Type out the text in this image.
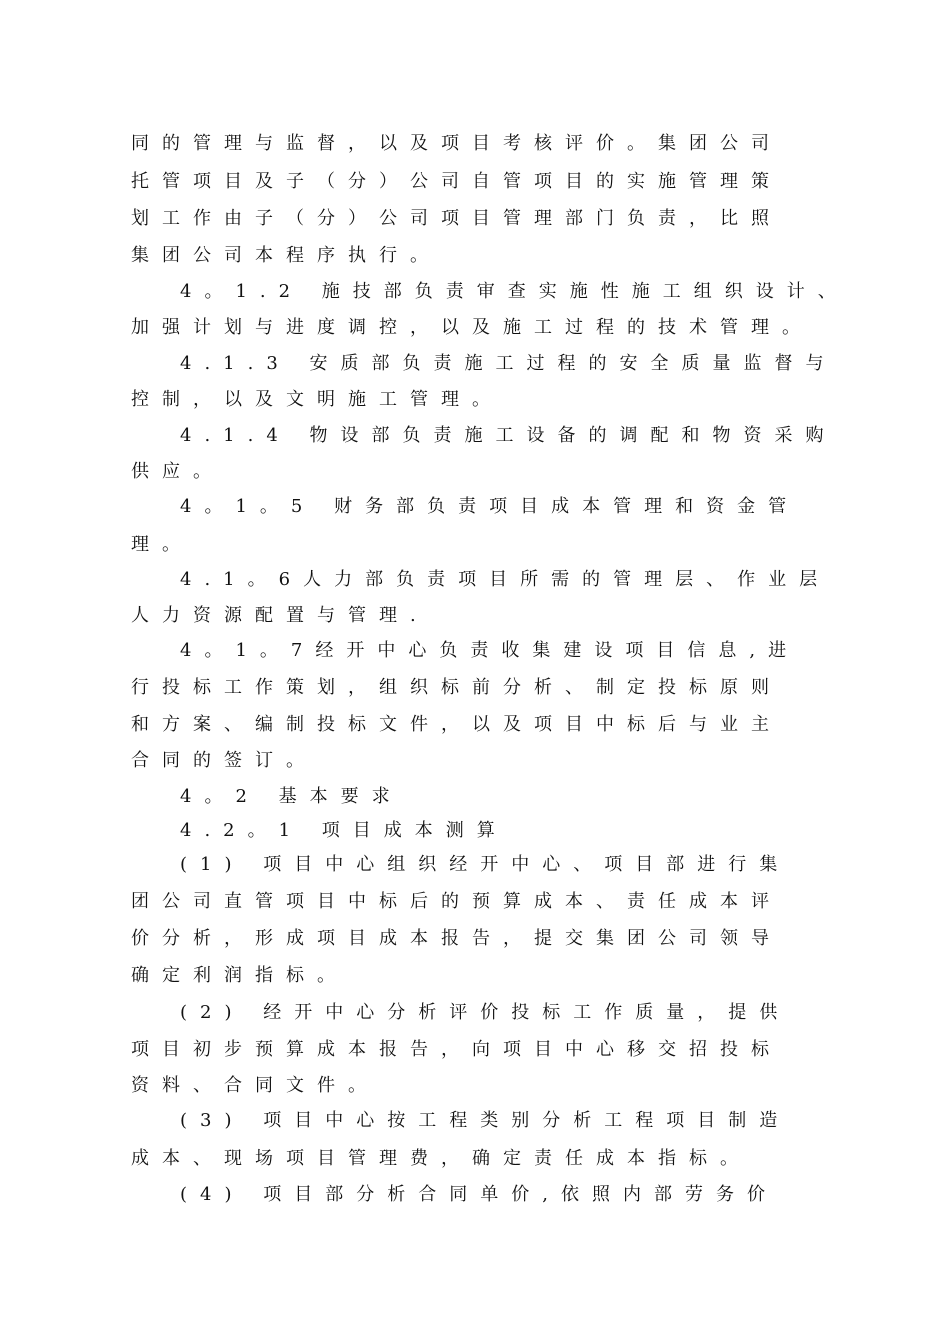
同的管理与监督，以及项目考核评价。集团公司
托管项目及子（分）公司自管项目的实施管理策
划工作由子（分）公司项目管理部门负责，比照
集团公司本程序执行。
4。1.2 施技部负责审查实施性施工组织设计、
加强计划与进度调控，以及施工过程的技术管理。
4.1.3 安质部负责施工过程的安全质量监督与
控制，以及文明施工管理。
4.1.4 物设部负责施工设备的调配和物资采购
供应。
4。1。5 财务部负责项目成本管理和资金管
理。
4.1。6人力部负责项目所需的管理层、作业层
人力资源配置与管理.
4。1。7经开中心负责收集建设项目信息,进
行投标工作策划，组织标前分析、制定投标原则
和方案、编制投标文件，以及项目中标后与业主
合同的签订。
4。2 基本要求
4.2。1 项目成本测算
(1) 项目中心组织经开中心、项目部进行集
团公司直管项目中标后的预算成本、责任成本评
价分析，形成项目成本报告，提交集团公司领导
确定利润指标。
(2) 经开中心分析评价投标工作质量，提供
项目初步预算成本报告，向项目中心移交招投标
资料、合同文件。
(3) 项目中心按工程类别分析工程项目制造
成本、现场项目管理费，确定责任成本指标。
(4) 项目部分析合同单价,依照内部劳务价
